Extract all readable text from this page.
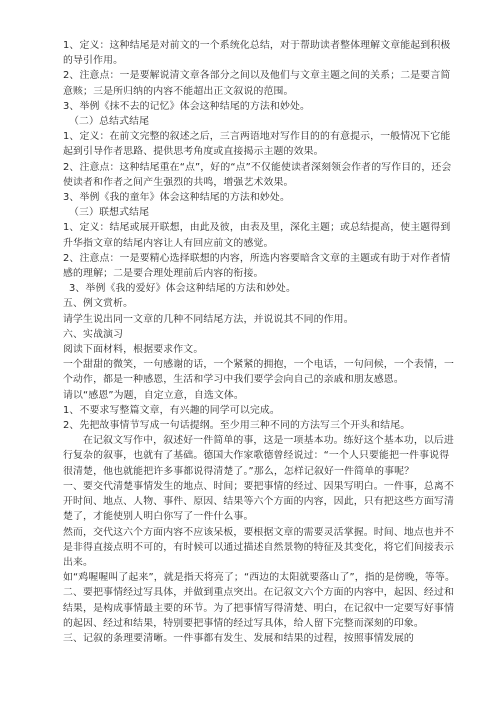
1、定义：这种结尾是对前文的一个系统化总结，对于帮助读者整体理解文章能起到积极的导引作用。

2、注意点：一是要解说清文章各部分之间以及他们与文章主题之间的关系；二是要言简意赅；三是所归纳的内容不能超出正文叙说的范围。

3、举例《抹不去的记忆》体会这种结尾的方法和妙处。

（二）总结式结尾

1、定义：在前文完整的叙述之后，三言两语地对写作目的的有意提示，一般情况下它能起到引导作者思路、提供思考角度或直接揭示主题的效果。

2、注意点：这种结尾重在“点”，好的“点”不仅能使读者深刻领会作者的写作目的，还会使读者和作者之间产生强烈的共鸣，增强艺术效果。

3、举例《我的童年》体会这种结尾的方法和妙处。

（三）联想式结尾

1、定义：结尾或展开联想，由此及彼，由表及里，深化主题；或总结提高，使主题得到升华指文章的结尾内容让人有回应前文的感觉。

2、注意点：一是要精心选择联想的内容，所选内容要暗含文章的主题或有助于对作者情感的理解；二是要合理处理前后内容的衔接。

3、举例《我的爱好》体会这种结尾的方法和妙处。

五、例文赏析。

请学生说出同一文章的几种不同结尾方法，并说说其不同的作用。

六、实战演习

阅读下面材料，根据要求作文。

一个甜甜的微笑，一句感谢的话，一个紧紧的拥抱，一个电话，一句问候，一个表情，一个动作，都是一种感恩，生活和学习中我们要学会向自己的亲戚和朋友感恩。

请以“感恩”为题，自定立意，自选文体。

1、不要求写整篇文章，有兴趣的同学可以完成。

2、先把故事情节写成一句话提纲。至少用三种不同的方法写三个开头和结尾。

在记叙文写作中，叙述好一件简单的事，这是一项基本功。练好这个基本功，以后进行复杂的叙事，也就有了基础。德国大作家歌德曾经说过：“一个人只要能把一件事说得很清楚，他也就能把许多事都说得清楚了。”那么，怎样记叙好一件简单的事呢？

一、要交代清楚事情发生的地点、时间；要把事情的经过、因果写明白。一件事，总离不开时间、地点、人物、事件、原因、结果等六个方面的内容，因此，只有把这些方面写清楚了，才能使别人明白你写了一件什么事。

然而，交代这六个方面内容不应该呆板，要根据文章的需要灵活掌握。时间、地点也并不是非得直接点明不可的，有时候可以通过描述自然景物的特征及其变化，将它们间接表示出来。

如“鸡喔喔叫了起来”，就是指天将亮了；“西边的太阳就要落山了”，指的是傍晚，等等。

二、要把事情经过写具体，并做到重点突出。在记叙文六个方面的内容中，起因、经过和结果，是构成事情最主要的环节。为了把事情写得清楚、明白，在记叙中一定要写好事情的起因、经过和结果，特别要把事情的经过写具体，给人留下完整而深刻的印象。

三、记叙的条理要清晰。一件事都有发生、发展和结果的过程，按照事情发展的
